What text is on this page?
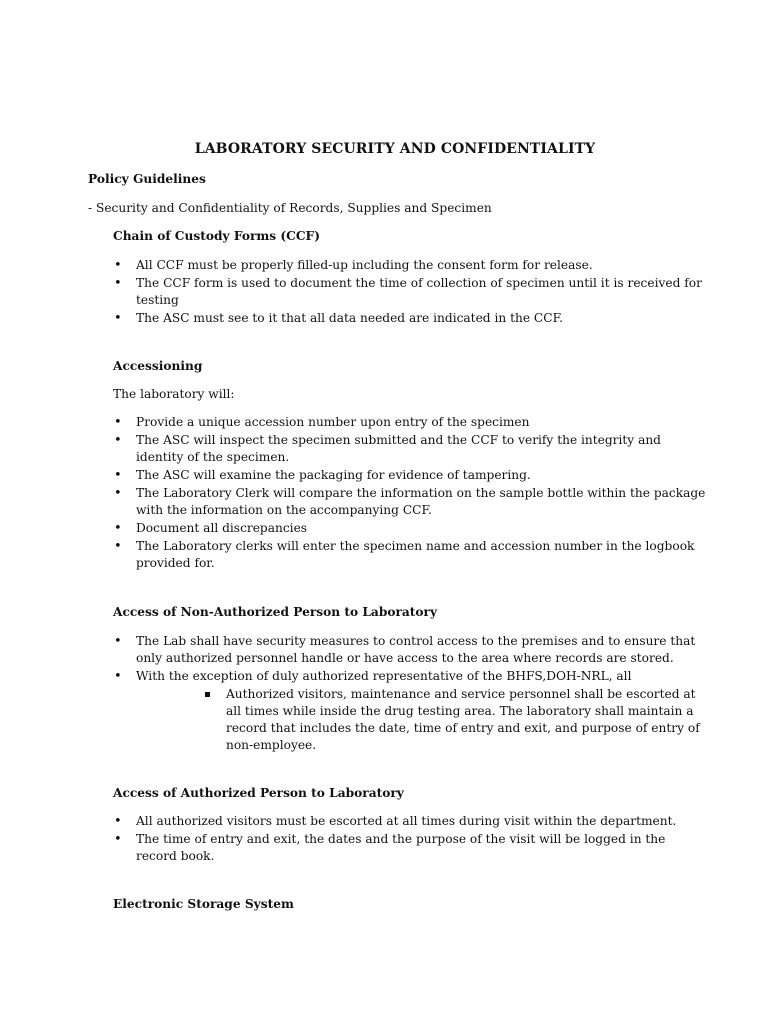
LABORATORY SECURITY AND CONFIDENTIALITY
Policy Guidelines
- Security and Confidentiality of Records, Supplies and Specimen
Chain of Custody Forms (CCF)
• All CCF must be properly filled-up including the consent form for release.
• The CCF form is used to document the time of collection of specimen until it is received for testing
• The ASC must see to it that all data needed are indicated in the CCF.
Accessioning
The laboratory will:
• Provide a unique accession number upon entry of the specimen
• The ASC will inspect the specimen submitted and the CCF to verify the integrity and identity of the specimen.
• The ASC will examine the packaging for evidence of tampering.
• The Laboratory Clerk will compare the information on the sample bottle within the package with the information on the accompanying CCF.
• Document all discrepancies
• The Laboratory clerks will enter the specimen name and accession number in the logbook provided for.
Access of Non-Authorized Person to Laboratory
• The Lab shall have security measures to control access to the premises and to ensure that only authorized personnel handle or have access to the area where records are stored.
• With the exception of duly authorized representative of the BHFS,DOH-NRL, all
Authorized visitors, maintenance and service personnel shall be escorted at all times while inside the drug testing area. The laboratory shall maintain a record that includes the date, time of entry and exit, and purpose of entry of non-employee.
Access of Authorized Person to Laboratory
• All authorized visitors must be escorted at all times during visit within the department.
• The time of entry and exit, the dates and the purpose of the visit will be logged in the record book.
Electronic Storage System
